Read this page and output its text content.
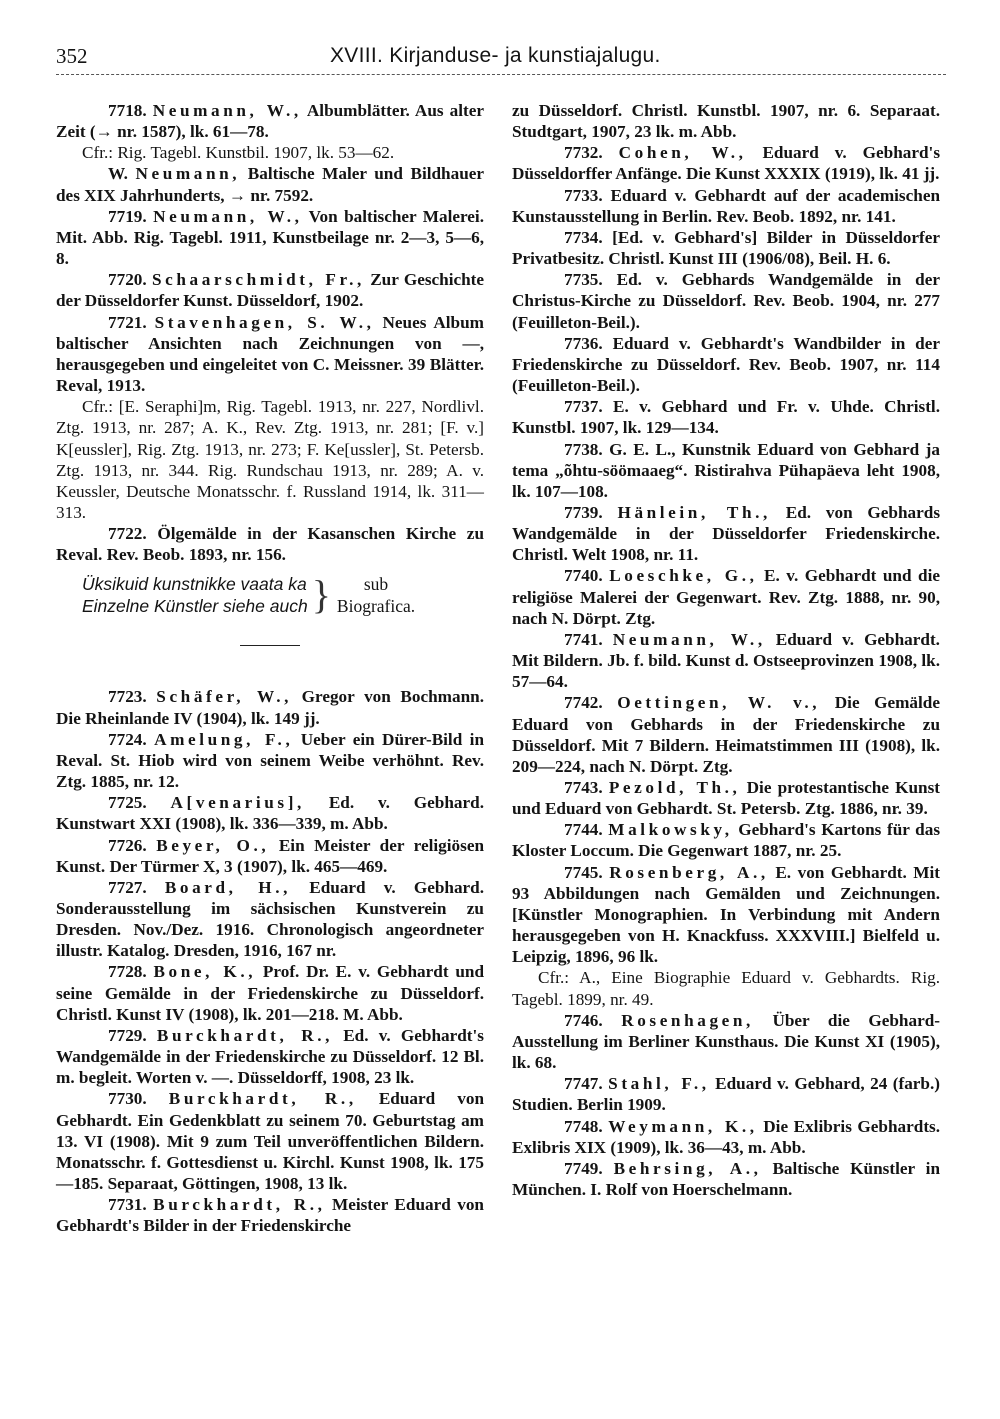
352	XVIII. Kirjanduse- ja kunstiajalugu.

7718. Neumann, W., Albumblätter. Aus alter Zeit (→ nr. 1587), lk. 61—78.

Cfr.: Rig. Tagebl. Kunstbil. 1907, lk. 53—62.

W. Neumann, Baltische Maler und Bildhauer des XIX Jahrhunderts, → nr. 7592.

7719. Neumann, W., Von baltischer Malerei. Mit. Abb. Rig. Tagebl. 1911, Kunstbeilage nr. 2—3, 5—6, 8.

7720. Schaarschmidt, Fr., Zur Geschichte der Düsseldorfer Kunst. Düsseldorf, 1902.

7721. Stavenhagen, S. W., Neues Album baltischer Ansichten nach Zeichnungen von —, herausgegeben und eingeleitet von C. Meissner. 39 Blätter. Reval, 1913.

Cfr.: [E. Seraphi]m, Rig. Tagebl. 1913, nr. 227, Nordlivl. Ztg. 1913, nr. 287; A. K., Rev. Ztg. 1913, nr. 281; [F. v.] K[eussler], Rig. Ztg. 1913, nr. 273; F. Ke[ussler], St. Petersb. Ztg. 1913, nr. 344. Rig. Rundschau 1913, nr. 289; A. v. Keussler, Deutsche Monatsschr. f. Russland 1914, lk. 311—313.

7722. Ölgemälde in der Kasanschen Kirche zu Reval. Rev. Beob. 1893, nr. 156.

Üksikuid kunstnikke vaata ka
Einzelne Künstler siehe auch }	sub
Biografica.

7723. Schäfer, W., Gregor von Bochmann. Die Rheinlande IV (1904), lk. 149 jj.

7724. Amelung, F., Ueber ein Dürer-Bild in Reval. St. Hiob wird von seinem Weibe verhöhnt. Rev. Ztg. 1885, nr. 12.

7725. A[venarius], Ed. v. Gebhard. Kunstwart XXI (1908), lk. 336—339, m. Abb.

7726. Beyer, O., Ein Meister der religiösen Kunst. Der Türmer X, 3 (1907), lk. 465—469.

7727. Board, H., Eduard v. Gebhard. Sonderausstellung im sächsischen Kunstverein zu Dresden. Nov./Dez. 1916. Chronologisch angeordneter illustr. Katalog. Dresden, 1916, 167 nr.

7728. Bone, K., Prof. Dr. E. v. Gebhardt und seine Gemälde in der Friedenskirche zu Düsseldorf. Christl. Kunst IV (1908), lk. 201—218. M. Abb.

7729. Burckhardt, R., Ed. v. Gebhardt's Wandgemälde in der Friedenskirche zu Düsseldorf. 12 Bl. m. begleit. Worten v. —. Düsseldorff, 1908, 23 lk.

7730. Burckhardt, R., Eduard von Gebhardt. Ein Gedenkblatt zu seinem 70. Geburtstag am 13. VI (1908). Mit 9 zum Teil unveröffentlichen Bildern. Monatsschr. f. Gottesdienst u. Kirchl. Kunst 1908, lk. 175—185. Separaat, Göttingen, 1908, 13 lk.

7731. Burckhardt, R., Meister Eduard von Gebhardt's Bilder in der Friedenskirche

zu Düsseldorf. Christl. Kunstbl. 1907, nr. 6. Separaat. Studtgart, 1907, 23 lk. m. Abb.

7732. Cohen, W., Eduard v. Gebhard's Düsseldorffer Anfänge. Die Kunst XXXIX (1919), lk. 41 jj.

7733. Eduard v. Gebhardt auf der academischen Kunstausstellung in Berlin. Rev. Beob. 1892, nr. 141.

7734. [Ed. v. Gebhard's] Bilder in Düsseldorfer Privatbesitz. Christl. Kunst III (1906/08), Beil. H. 6.

7735. Ed. v. Gebhards Wandgemälde in der Christus-Kirche zu Düsseldorf. Rev. Beob. 1904, nr. 277 (Feuilleton-Beil.).

7736. Eduard v. Gebhardt's Wandbilder in der Friedenskirche zu Düsseldorf. Rev. Beob. 1907, nr. 114 (Feuilleton-Beil.).

7737. E. v. Gebhard und Fr. v. Uhde. Christl. Kunstbl. 1907, lk. 129—134.

7738. G. E. L., Kunstnik Eduard von Gebhard ja tema „õhtu-söömaaeg“. Ristirahva Pühapäeva leht 1908, lk. 107—108.

7739. Hänlein, Th., Ed. von Gebhards Wandgemälde in der Düsseldorfer Friedenskirche. Christl. Welt 1908, nr. 11.

7740. Loeschke, G., E. v. Gebhardt und die religiöse Malerei der Gegenwart. Rev. Ztg. 1888, nr. 90, nach N. Dörpt. Ztg.

7741. Neumann, W., Eduard v. Gebhardt. Mit Bildern. Jb. f. bild. Kunst d. Ostseeprovinzen 1908, lk. 57—64.

7742. Oettingen, W. v., Die Gemälde Eduard von Gebhards in der Friedenskirche zu Düsseldorf. Mit 7 Bildern. Heimatstimmen III (1908), lk. 209—224, nach N. Dörpt. Ztg.

7743. Pezold, Th., Die protestantische Kunst und Eduard von Gebhardt. St. Petersb. Ztg. 1886, nr. 39.

7744. Malkowsky, Gebhard's Kartons für das Kloster Loccum. Die Gegenwart 1887, nr. 25.

7745. Rosenberg, A., E. von Gebhardt. Mit 93 Abbildungen nach Gemälden und Zeichnungen. [Künstler Monographien. In Verbindung mit Andern herausgegeben von H. Knackfuss. XXXVIII.] Bielfeld u. Leipzig, 1896, 96 lk.

Cfr.: A., Eine Biographie Eduard v. Gebhardts. Rig. Tagebl. 1899, nr. 49.

7746. Rosenhagen, Über die Gebhard-Ausstellung im Berliner Kunsthaus. Die Kunst XI (1905), lk. 68.

7747. Stahl, F., Eduard v. Gebhard, 24 (farb.) Studien. Berlin 1909.

7748. Weymann, K., Die Exlibris Gebhardts. Exlibris XIX (1909), lk. 36—43, m. Abb.

7749. Behrsing, A., Baltische Künstler in München. I. Rolf von Hoerschelmann.
